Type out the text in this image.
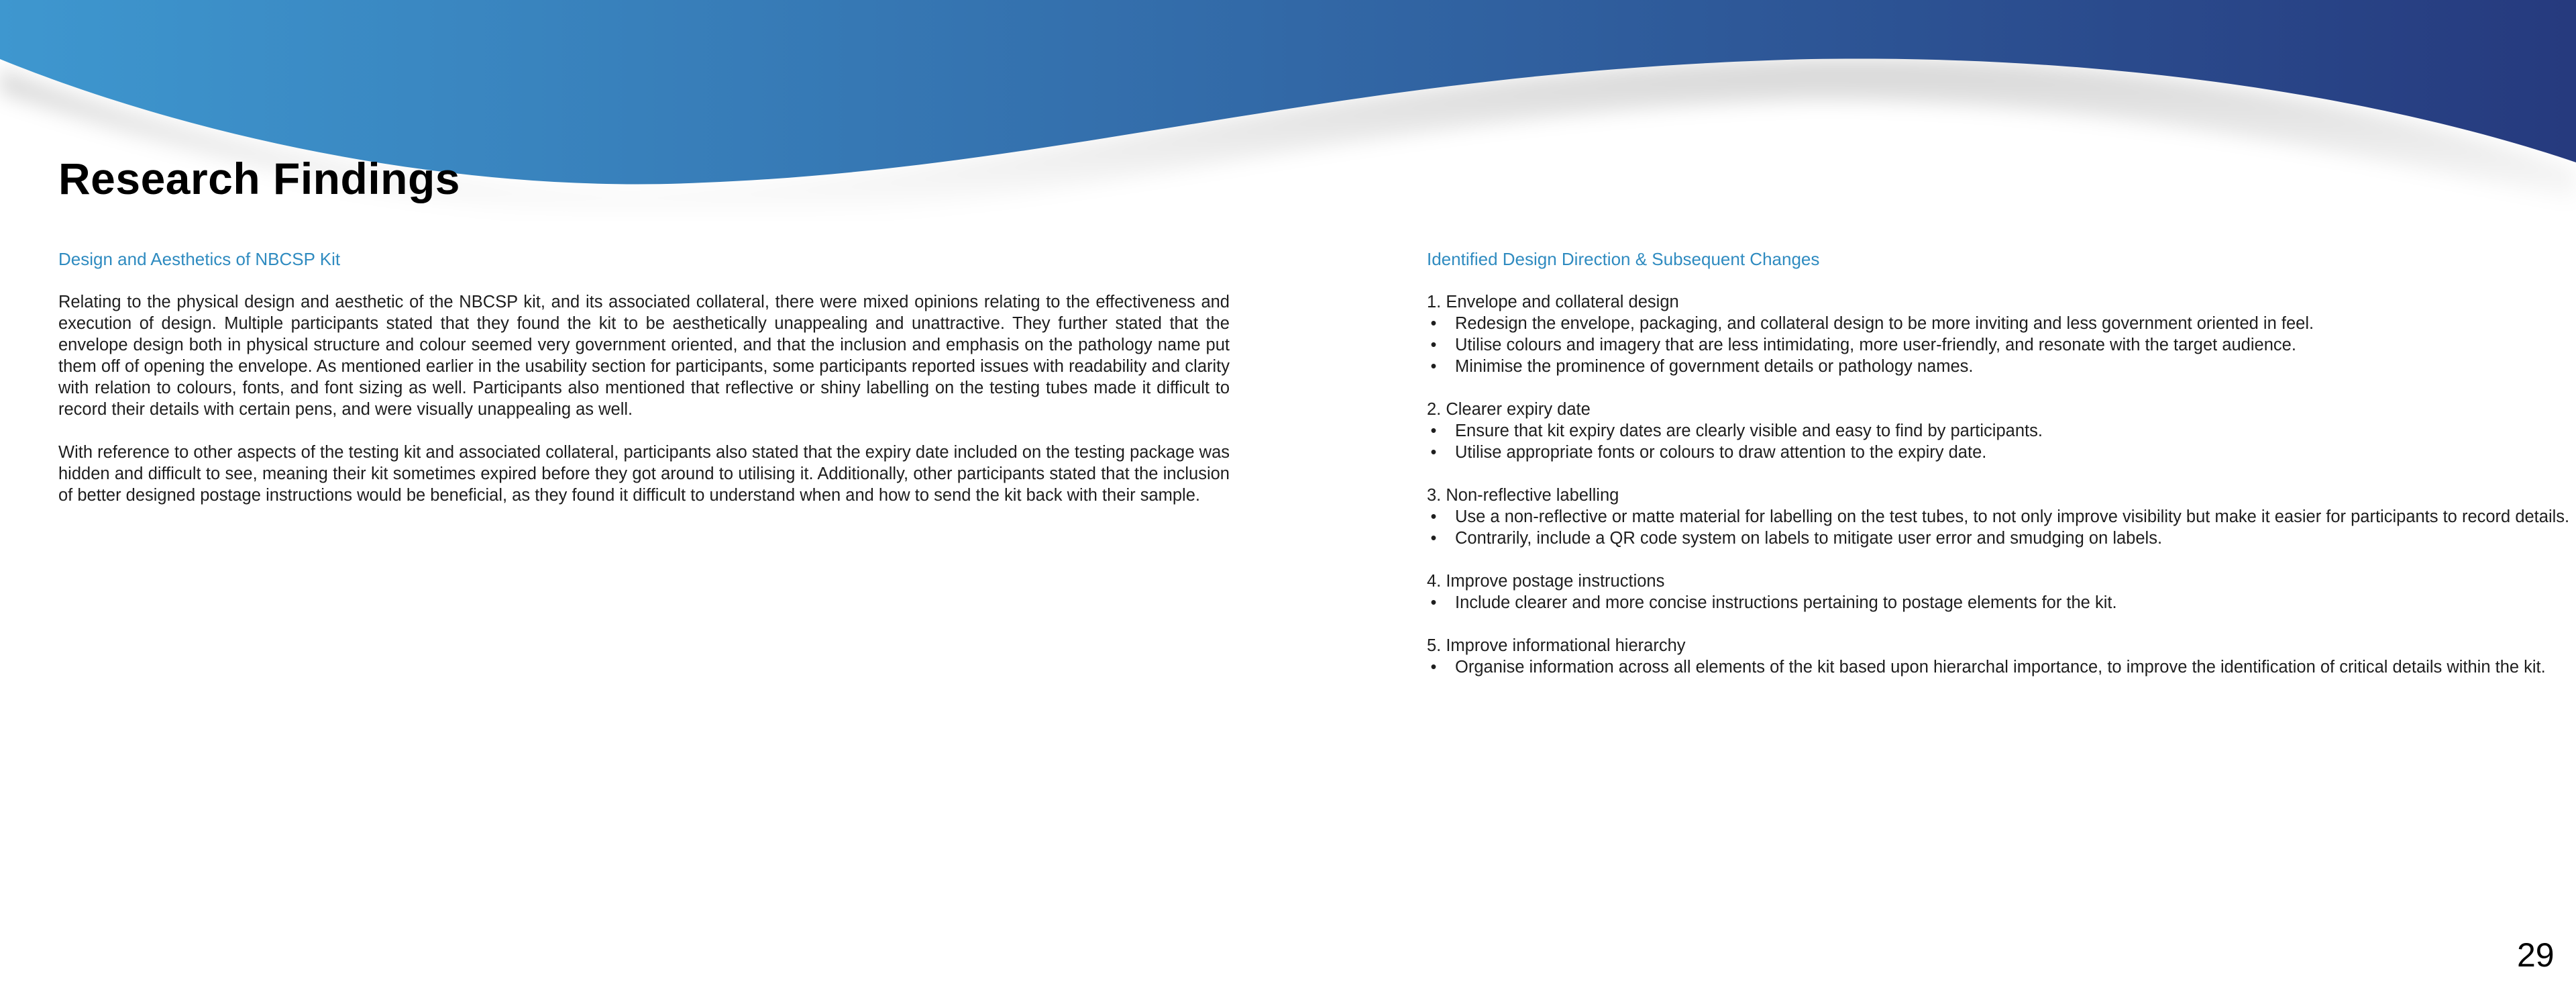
Research Findings
Design and Aesthetics of NBCSP Kit

Relating to the physical design and aesthetic of the NBCSP kit, and its associated collateral, there were mixed opinions relating to the effectiveness and execution of design. Multiple participants stated that they found the kit to be aesthetically unappealing and unattractive. They further stated that the envelope design both in physical structure and colour seemed very government oriented, and that the inclusion and emphasis on the pathology name put them off of opening the envelope. As mentioned earlier in the usability section for participants, some participants reported issues with readability and clarity with relation to colours, fonts, and font sizing as well. Participants also mentioned that reflective or shiny labelling on the testing tubes made it difficult to record their details with certain pens, and were visually unappealing as well.

With reference to other aspects of the testing kit and associated collateral, participants also stated that the expiry date included on the testing package was hidden and difficult to see, meaning their kit sometimes expired before they got around to utilising it. Additionally, other participants stated that the inclusion of better designed postage instructions would be beneficial, as they found it difficult to understand when and how to send the kit back with their sample.

Identified Design Direction & Subsequent Changes

1. Envelope and collateral design

• Redesign the envelope, packaging, and collateral design to be more inviting and less government oriented in feel.
• Utilise colours and imagery that are less intimidating, more user-friendly, and resonate with the target audience.
• Minimise the prominence of government details or pathology names.

2. Clearer expiry date

• Ensure that kit expiry dates are clearly visible and easy to find by participants.
• Utilise appropriate fonts or colours to draw attention to the expiry date.

3. Non-reflective labelling

• Use a non-reflective or matte material for labelling on the test tubes, to not only improve visibility but make it easier for participants to record details.
• Contrarily, include a QR code system on labels to mitigate user error and smudging on labels.

4. Improve postage instructions

• Include clearer and more concise instructions pertaining to postage elements for the kit.

5. Improve informational hierarchy

• Organise information across all elements of the kit based upon hierarchal importance, to improve the identification of critical details within the kit.
29
